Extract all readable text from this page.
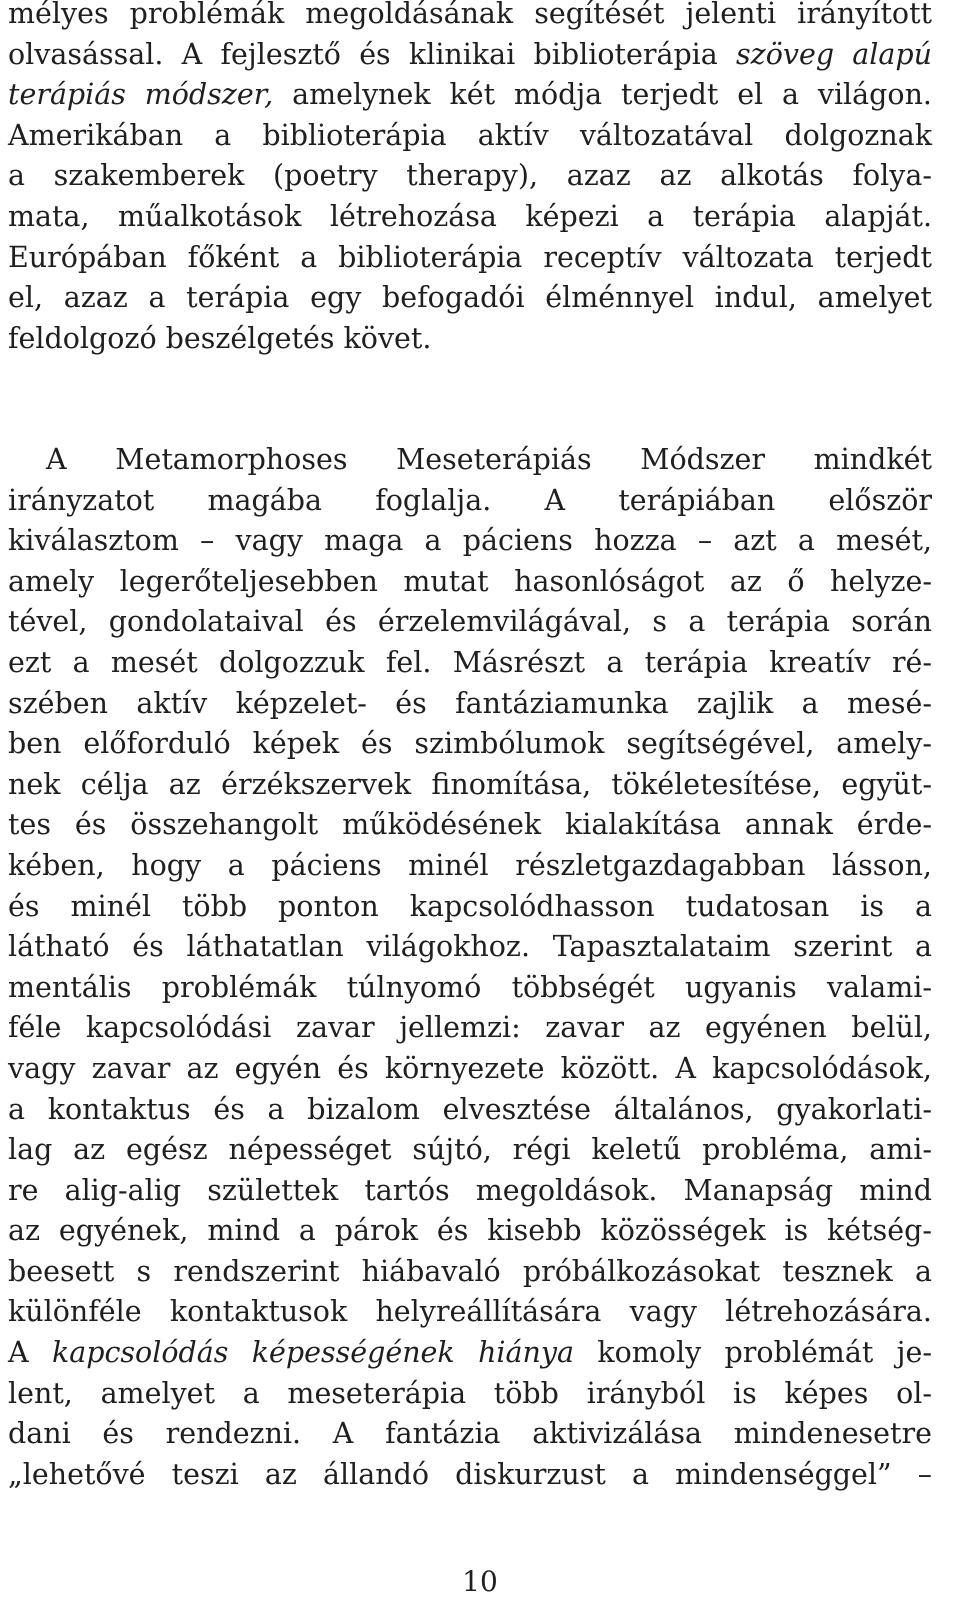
mélyes problémák megoldásának segítését jelenti irányított
olvasással. A fejlesztő és klinikai biblioterápia szöveg alapú
terápiás módszer, amelynek két módja terjedt el a világon.
Amerikában a biblioterápia aktív változatával dolgoznak
a szakemberek (poetry therapy), azaz az alkotás folya-
mata, műalkotások létrehozása képezi a terápia alapját.
Európában főként a biblioterápia receptív változata terjedt
el, azaz a terápia egy befogadói élménnyel indul, amelyet
feldolgozó beszélgetés követ.
A Metamorphoses Meseterápiás Módszer mindkét
irányzatot magába foglalja. A terápiában először
kiválasztom – vagy maga a páciens hozza – azt a mesét,
amely legerőteljesebben mutat hasonlóságot az ő helyze-
tével, gondolataival és érzelemvilágával, s a terápia során
ezt a mesét dolgozzuk fel. Másrészt a terápia kreatív ré-
szében aktív képzelet- és fantáziamunka zajlik a mesé-
ben előforduló képek és szimbólumok segítségével, amely-
nek célja az érzékszervek finomítása, tökéletesítése, együt-
tes és összehangolt működésének kialakítása annak érde-
kében, hogy a páciens minél részletgazdagabban lásson,
és minél több ponton kapcsolódhasson tudatosan is a
látható és láthatatlan világokhoz. Tapasztalataim szerint a
mentális problémák túlnyomó többségét ugyanis valami-
féle kapcsolódási zavar jellemzi: zavar az egyénen belül,
vagy zavar az egyén és környezete között. A kapcsolódások,
a kontaktus és a bizalom elvesztése általános, gyakorlati-
lag az egész népességet sújtó, régi keletű probléma, ami-
re alig-alig születtek tartós megoldások. Manapság mind
az egyének, mind a párok és kisebb közösségek is kétség-
beesett s rendszerint hiábavaló próbálkozásokat tesznek a
különféle kontaktusok helyreállítására vagy létrehozására.
A kapcsolódás képességének hiánya komoly problémát je-
lent, amelyet a meseterápia több irányból is képes ol-
dani és rendezni. A fantázia aktivizálása mindenesetre
„lehetővé teszi az állandó diskurzust a mindenséggel” –
10
